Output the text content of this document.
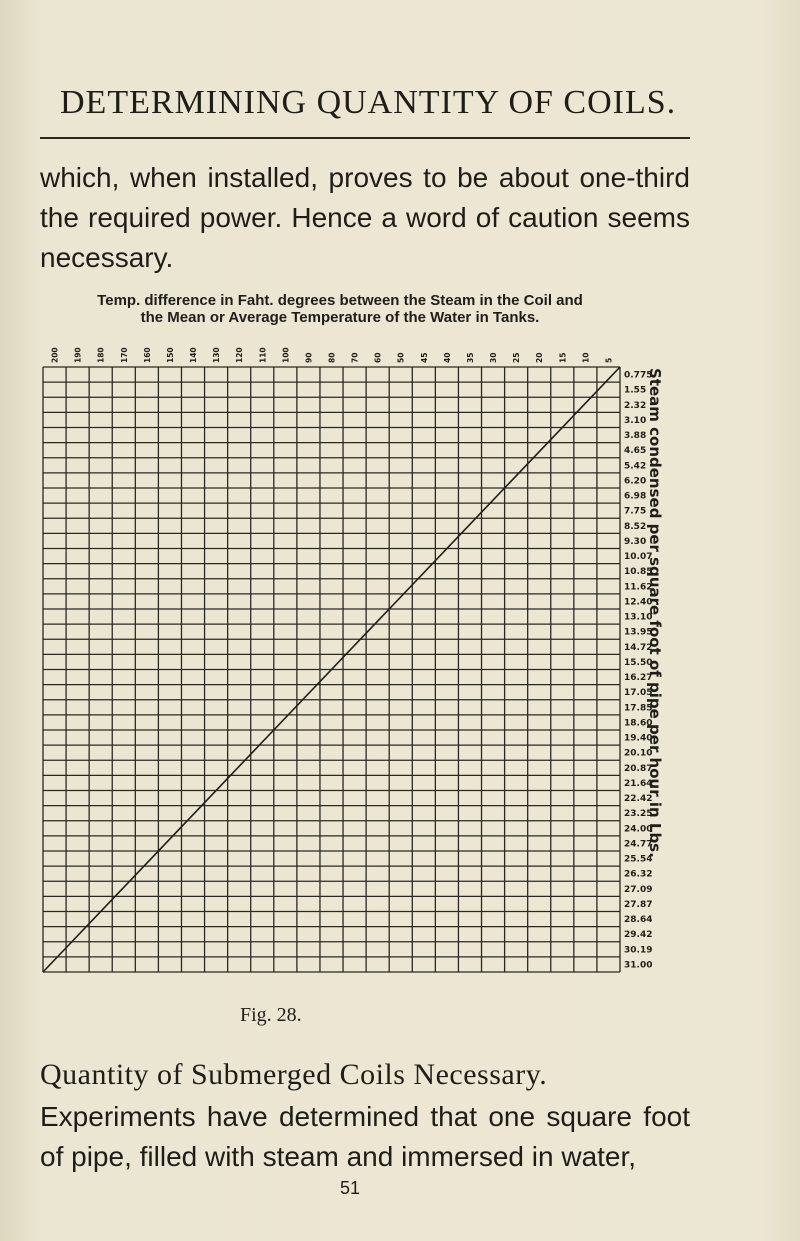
DETERMINING QUANTITY OF COILS.

which, when installed, proves to be about one-third the required power. Hence a word of caution seems necessary.

Temp. difference in Faht. degrees between the Steam in the Coil and
the Mean or Average Temperature of the Water in Tanks.
200 190 180 170 160 150 140 130 120 110 100 90 80 70 60 50 45 40 35 30 25 20 15 10 5
0.775
1.55
2.32
3.10
3.88
4.65
5.42
6.20
6.98
7.75
8.52
9.30
10.07
10.85
11.62
12.40
13.10
13.95
14.72
15.50
16.27
17.05
17.85
18.60
19.40
20.10
20.87
21.64
22.42
23.25
24.00
24.77
25.54
26.32
27.09
27.87
28.64
29.42
30.19
31.00
Steam condensed per square foot of pipe per hour in Lbs.
Fig. 28.
Quantity of Submerged Coils Necessary.

Experiments have determined that one square foot of pipe, filled with steam and immersed in water,

51
